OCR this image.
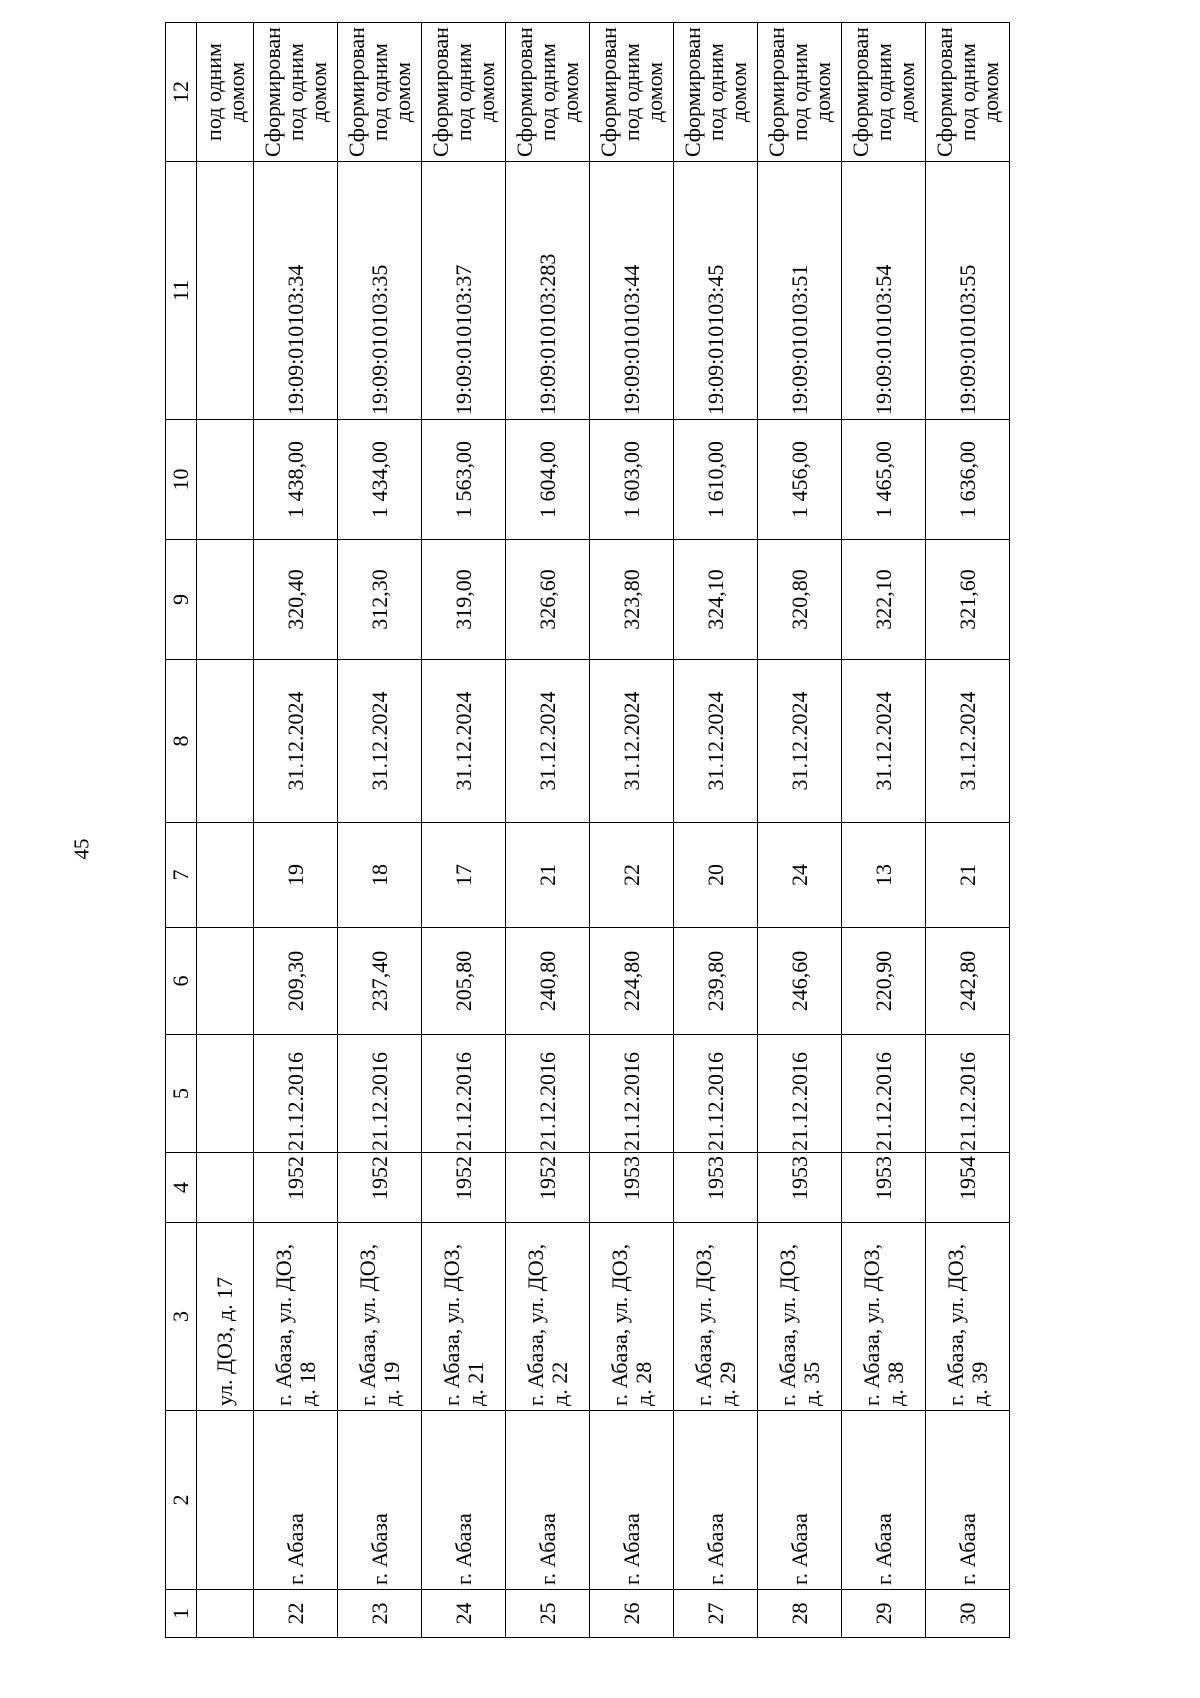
45
1	2	3	4	5	6	7	8	9	10	11	12
		ул. ДОЗ, д. 17									под одним домом
22	г. Абаза	г. Абаза, ул. ДОЗ, д. 18	1952	21.12.2016	209,30	19	31.12.2024	320,40	1 438,00	19:09:010103:34	Сформирован под одним домом
23	г. Абаза	г. Абаза, ул. ДОЗ, д. 19	1952	21.12.2016	237,40	18	31.12.2024	312,30	1 434,00	19:09:010103:35	Сформирован под одним домом
24	г. Абаза	г. Абаза, ул. ДОЗ, д. 21	1952	21.12.2016	205,80	17	31.12.2024	319,00	1 563,00	19:09:010103:37	Сформирован под одним домом
25	г. Абаза	г. Абаза, ул. ДОЗ, д. 22	1952	21.12.2016	240,80	21	31.12.2024	326,60	1 604,00	19:09:010103:283	Сформирован под одним домом
26	г. Абаза	г. Абаза, ул. ДОЗ, д. 28	1953	21.12.2016	224,80	22	31.12.2024	323,80	1 603,00	19:09:010103:44	Сформирован под одним домом
27	г. Абаза	г. Абаза, ул. ДОЗ, д. 29	1953	21.12.2016	239,80	20	31.12.2024	324,10	1 610,00	19:09:010103:45	Сформирован под одним домом
28	г. Абаза	г. Абаза, ул. ДОЗ, д. 35	1953	21.12.2016	246,60	24	31.12.2024	320,80	1 456,00	19:09:010103:51	Сформирован под одним домом
29	г. Абаза	г. Абаза, ул. ДОЗ, д. 38	1953	21.12.2016	220,90	13	31.12.2024	322,10	1 465,00	19:09:010103:54	Сформирован под одним домом
30	г. Абаза	г. Абаза, ул. ДОЗ, д. 39	1954	21.12.2016	242,80	21	31.12.2024	321,60	1 636,00	19:09:010103:55	Сформирован под одним домом
